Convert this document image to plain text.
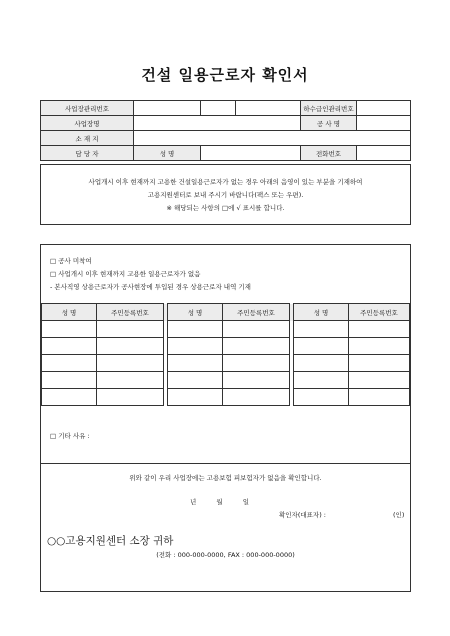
건설 일용근로자 확인서
사업장관리번호				하수급인관리번호	
사업장명				공 사 명	
소 재 지					
담 당 자	성 명			전화번호	
사업개시 이후 현재까지 고용한 건설일용근로자가 없는 경우 아래의 음영이 있는 부분을 기재하여
고용지원센터로 보내 주시기 바랍니다(팩스 또는 우편).
※ 해당되는 사항의 □에 √ 표시를 합니다.
□ 공사 미착여
□ 사업개시 이후 현재까지 고용한 일용근로자가 없음
- 본사직영 상용근로자가 공사현장에 투입된 경우 상용근로자 내역 기재
성 명	주민등록번호		성 명	주민등록번호		성 명	주민등록번호

□ 기타 사유 :
위와 같이 우리 사업장에는 고용보험 피보험자가 없음을 확인합니다.
년	월	일
확인자(대표자) :	(인)
○○고용지원센터 소장 귀하
(전화 : 000-000-0000, FAX : 000-000-0000)
